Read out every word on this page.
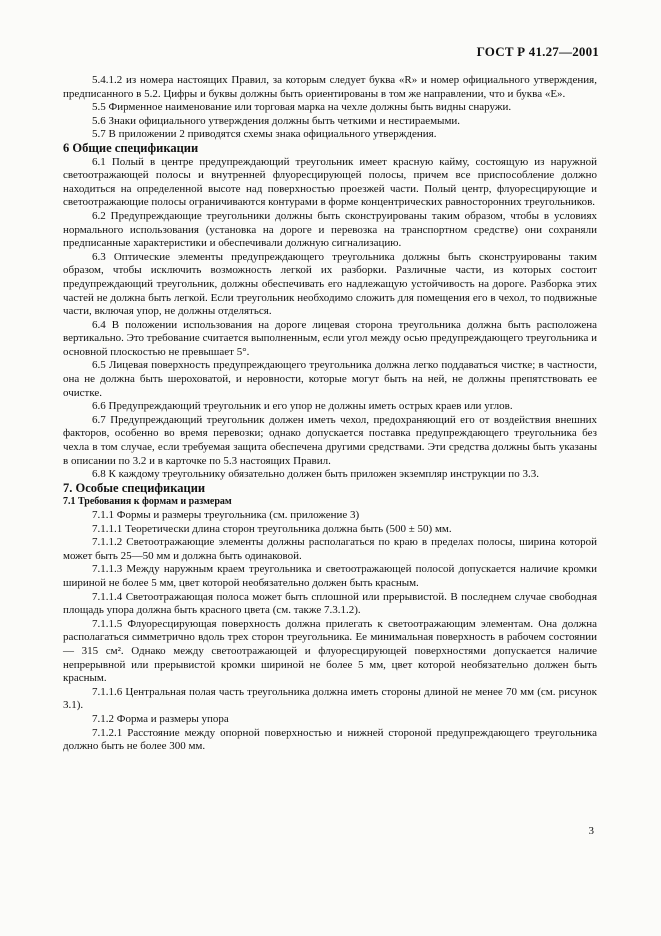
ГОСТ Р 41.27—2001

5.4.1.2 из номера настоящих Правил, за которым следует буква «R» и номер официального утверждения, предписанного в 5.2. Цифры и буквы должны быть ориентированы в том же направлении, что и буква «Е».

5.5 Фирменное наименование или торговая марка на чехле должны быть видны снаружи.

5.6 Знаки официального утверждения должны быть четкими и нестираемыми.

5.7 В приложении 2 приводятся схемы знака официального утверждения.

6 Общие спецификации

6.1 Полый в центре предупреждающий треугольник имеет красную кайму, состоящую из наружной светоотражающей полосы и внутренней флуоресцирующей полосы, причем все приспособление должно находиться на определенной высоте над поверхностью проезжей части. Полый центр, флуоресцирующие и светоотражающие полосы ограничиваются контурами в форме концентрических равносторонних треугольников.

6.2 Предупреждающие треугольники должны быть сконструированы таким образом, чтобы в условиях нормального использования (установка на дороге и перевозка на транспортном средстве) они сохраняли предписанные характеристики и обеспечивали должную сигнализацию.

6.3 Оптические элементы предупреждающего треугольника должны быть сконструированы таким образом, чтобы исключить возможность легкой их разборки. Различные части, из которых состоит предупреждающий треугольник, должны обеспечивать его надлежащую устойчивость на дороге. Разборка этих частей не должна быть легкой. Если треугольник необходимо сложить для помещения его в чехол, то подвижные части, включая упор, не должны отделяться.

6.4 В положении использования на дороге лицевая сторона треугольника должна быть расположена вертикально. Это требование считается выполненным, если угол между осью предупреждающего треугольника и основной плоскостью не превышает 5°.

6.5 Лицевая поверхность предупреждающего треугольника должна легко поддаваться чистке; в частности, она не должна быть шероховатой, и неровности, которые могут быть на ней, не должны препятствовать ее очистке.

6.6 Предупреждающий треугольник и его упор не должны иметь острых краев или углов.

6.7 Предупреждающий треугольник должен иметь чехол, предохраняющий его от воздействия внешних факторов, особенно во время перевозки; однако допускается поставка предупреждающего треугольника без чехла в том случае, если требуемая защита обеспечена другими средствами. Эти средства должны быть указаны в описании по 3.2 и в карточке по 5.3 настоящих Правил.

6.8 К каждому треугольнику обязательно должен быть приложен экземпляр инструкции по 3.3.

7. Особые спецификации

7.1 Требования к формам и размерам

7.1.1 Формы и размеры треугольника (см. приложение 3)

7.1.1.1 Теоретически длина сторон треугольника должна быть (500 ± 50) мм.

7.1.1.2 Светоотражающие элементы должны располагаться по краю в пределах полосы, ширина которой может быть 25—50 мм и должна быть одинаковой.

7.1.1.3 Между наружным краем треугольника и светоотражающей полосой допускается наличие кромки шириной не более 5 мм, цвет которой необязательно должен быть красным.

7.1.1.4 Светоотражающая полоса может быть сплошной или прерывистой. В последнем случае свободная площадь упора должна быть красного цвета (см. также 7.3.1.2).

7.1.1.5 Флуоресцирующая поверхность должна прилегать к светоотражающим элементам. Она должна располагаться симметрично вдоль трех сторон треугольника. Ее минимальная поверхность в рабочем состоянии — 315 см². Однако между светоотражающей и флуоресцирующей поверхностями допускается наличие непрерывной или прерывистой кромки шириной не более 5 мм, цвет которой необязательно должен быть красным.

7.1.1.6 Центральная полая часть треугольника должна иметь стороны длиной не менее 70 мм (см. рисунок 3.1).

7.1.2 Форма и размеры упора

7.1.2.1 Расстояние между опорной поверхностью и нижней стороной предупреждающего треугольника должно быть не более 300 мм.

3
